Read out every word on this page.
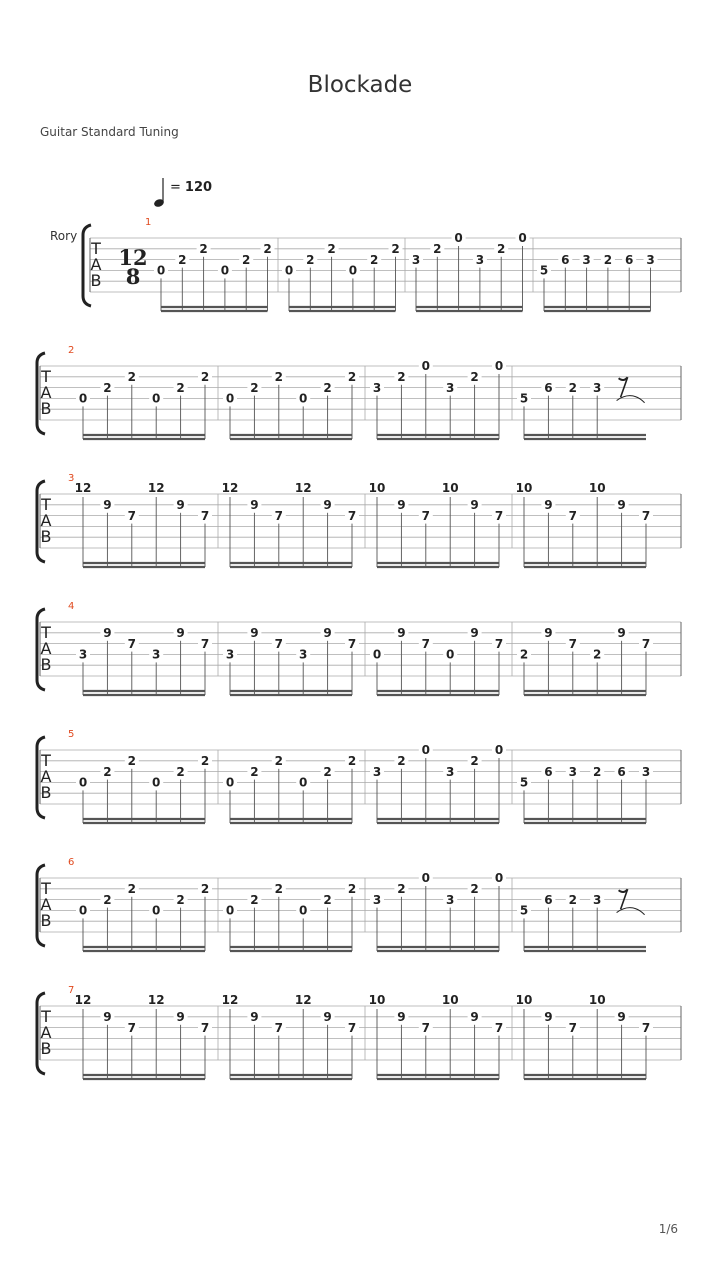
Blockade
Guitar Standard Tuning
= 120
Rory
1
T
A
B
12
8 0
2
2
0
2
2
0
2
2
0
2
2
3
2
0
3
2
0
5
6 3 2 6 3
2
T
A
B
0
2
2
0
2
2
0
2
2
0
2
2
3
2
0
3
2
0
5
6 2 3
3
T
A
B
12
9
7
12
9
7
12
9
7
12
9
7
10
9
7
10
9
7
10
9
7
10
9
7
4
T
A
B
3
9
7
3
9
7
3
9
7
3
9
7
0
9
7
0
9
7
2
9
7
2
9
7
5
T
A
B
0
2
2
0
2
2
0
2
2
0
2
2
3
2
0
3
2
0
5
6 3 2 6 3
6
T
A
B
0
2
2
0
2
2
0
2
2
0
2
2
3
2
0
3
2
0
5
6 2 3
7
T
A
B
12
9
7
12
9
7
12
9
7
12
9
7
10
9
7
10
9
7
10
9
7
10
9
7
1/6
